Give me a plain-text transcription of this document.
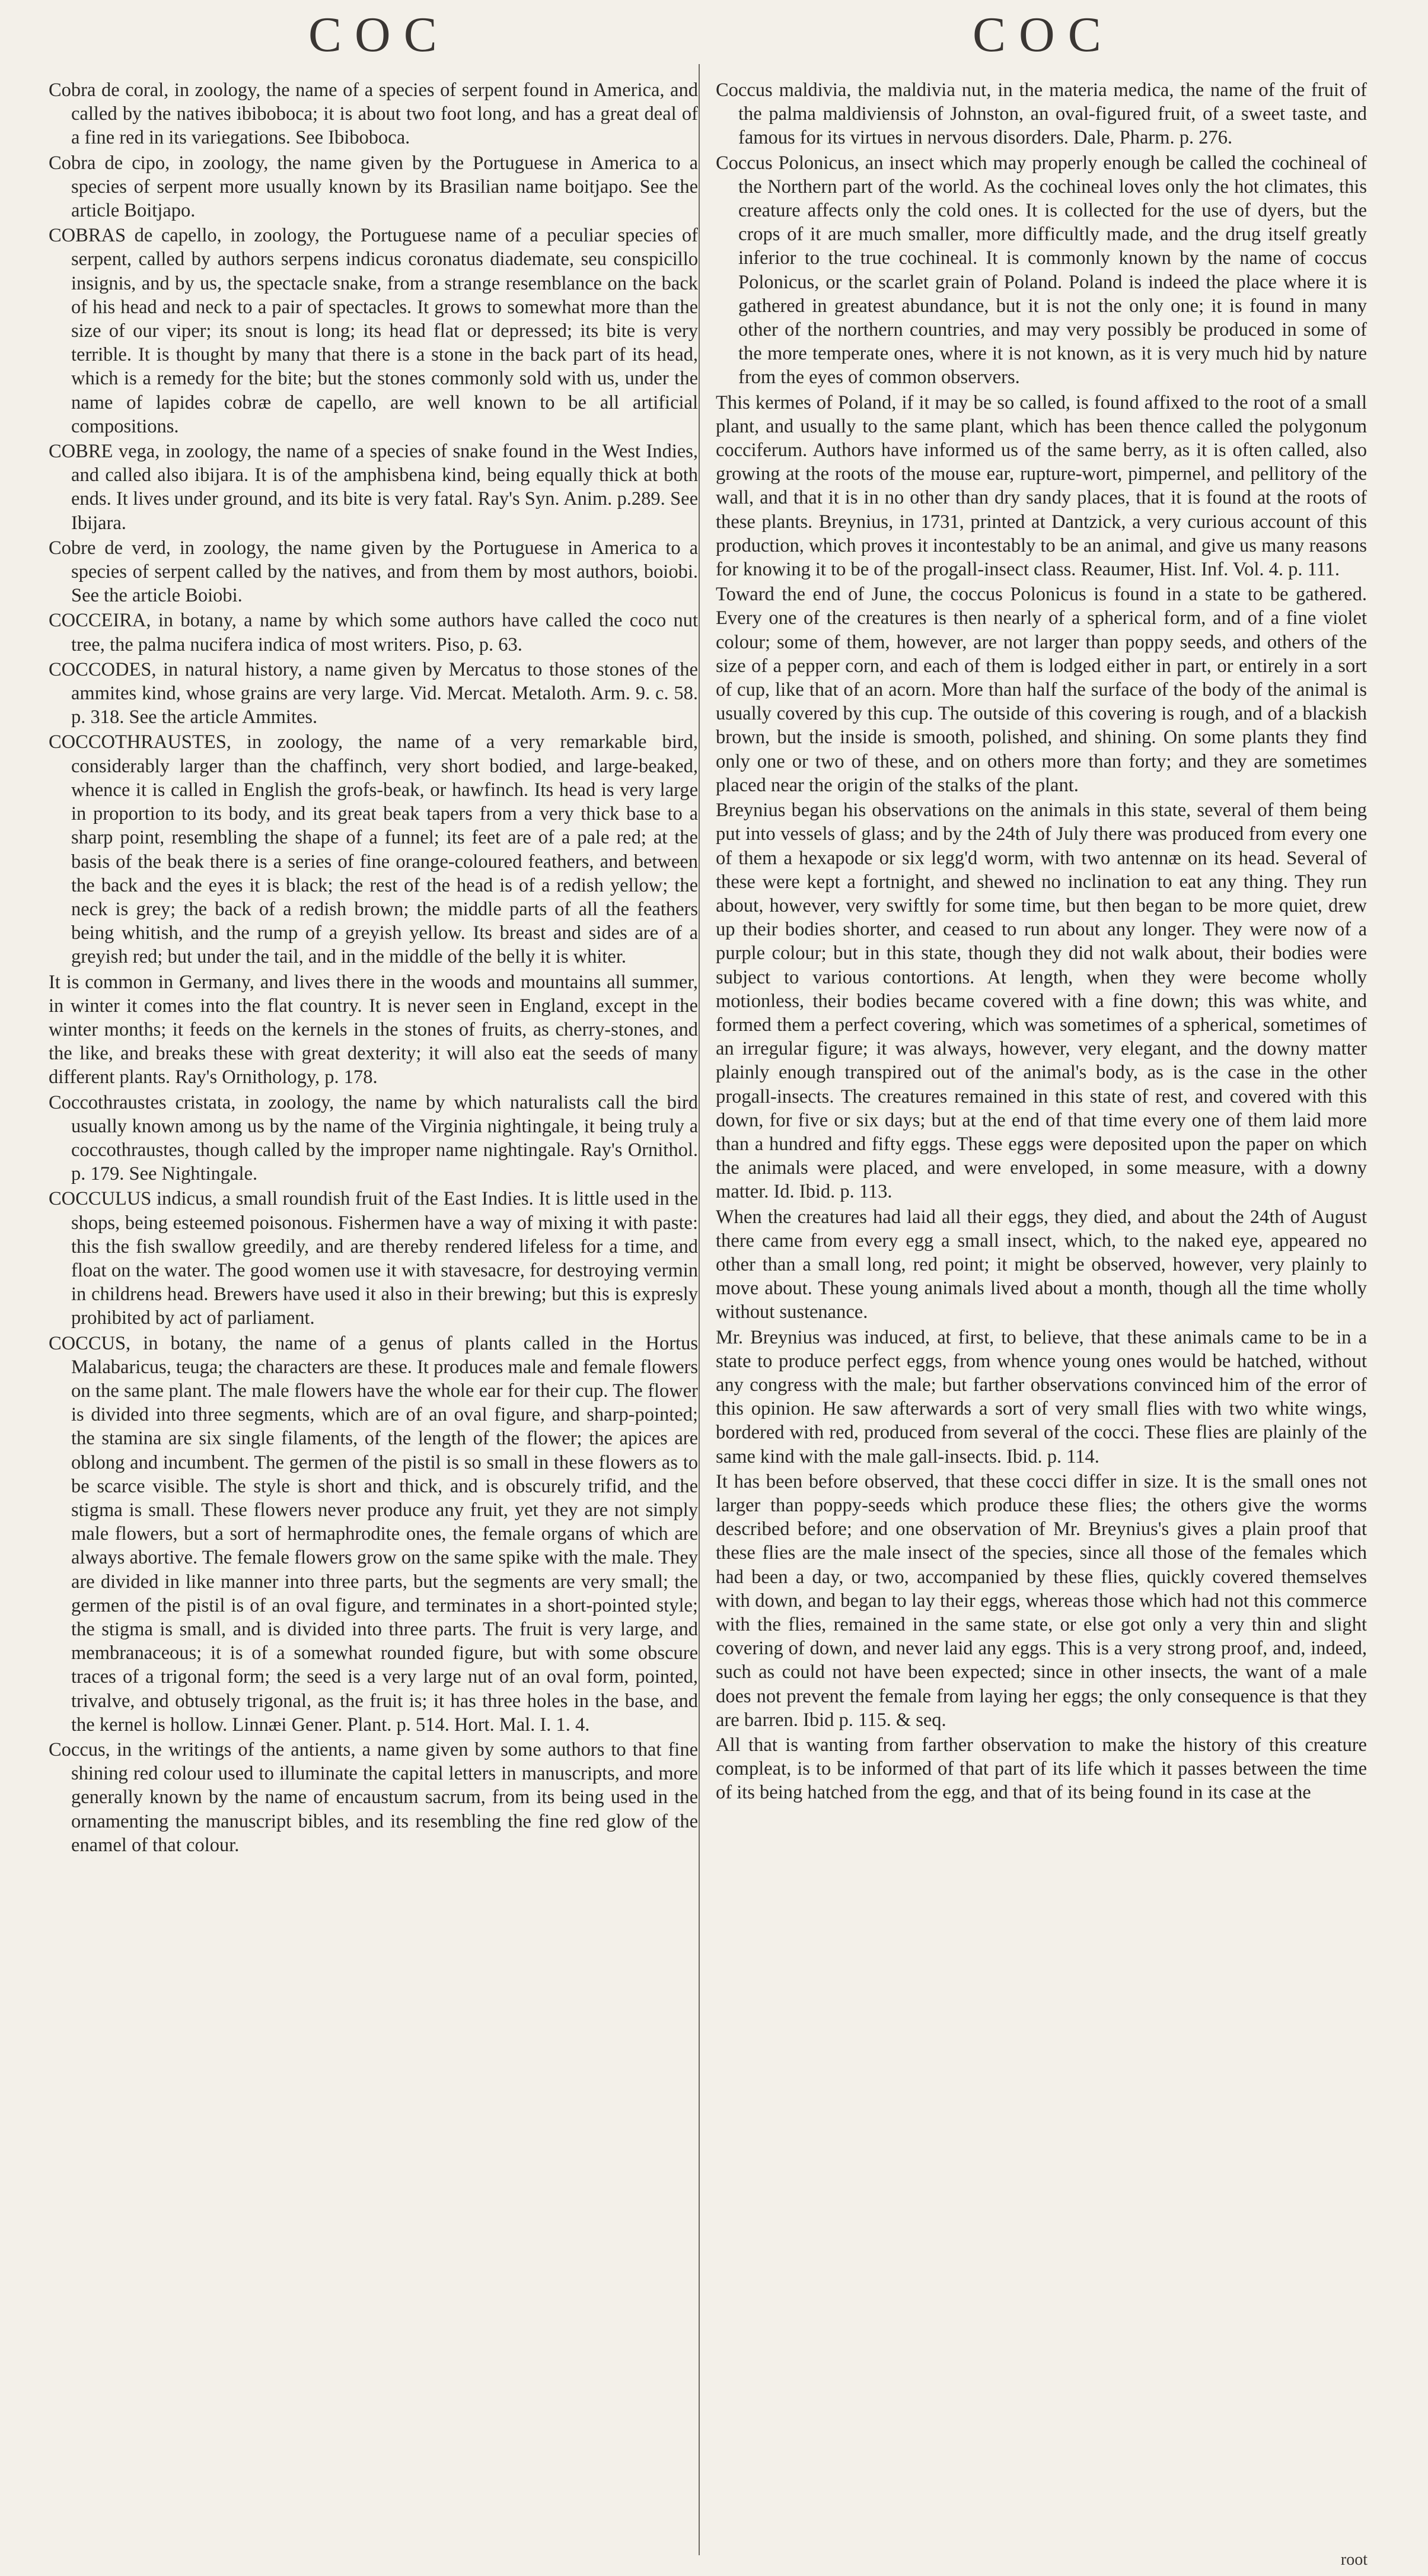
COC	COC

Cobra de coral, in zoology, the name of a species of serpent found in America, and called by the natives ibiboboca; it is about two foot long, and has a great deal of a fine red in its variegations. See Ibiboboca.

Cobra de cipo, in zoology, the name given by the Portuguese in America to a species of serpent more usually known by its Brasilian name boitjapo. See the article Boitjapo.

COBRAS de capello, in zoology, the Portuguese name of a peculiar species of serpent, called by authors serpens indicus coronatus diademate, seu conspicillo insignis, and by us, the spectacle snake, from a strange resemblance on the back of his head and neck to a pair of spectacles. It grows to somewhat more than the size of our viper; its snout is long; its head flat or depressed; its bite is very terrible. It is thought by many that there is a stone in the back part of its head, which is a remedy for the bite; but the stones commonly sold with us, under the name of lapides cobræ de capello, are well known to be all artificial compositions.

COBRE vega, in zoology, the name of a species of snake found in the West Indies, and called also ibijara. It is of the amphisbena kind, being equally thick at both ends. It lives under ground, and its bite is very fatal. Ray's Syn. Anim. p.289. See Ibijara.

Cobre de verd, in zoology, the name given by the Portuguese in America to a species of serpent called by the natives, and from them by most authors, boiobi. See the article Boiobi.

COCCEIRA, in botany, a name by which some authors have called the coco nut tree, the palma nucifera indica of most writers. Piso, p. 63.

COCCODES, in natural history, a name given by Mercatus to those stones of the ammites kind, whose grains are very large. Vid. Mercat. Metaloth. Arm. 9. c. 58. p. 318. See the article Ammites.

COCCOTHRAUSTES, in zoology, the name of a very remarkable bird, considerably larger than the chaffinch, very short bodied, and large-beaked, whence it is called in English the grofs-beak, or hawfinch. Its head is very large in proportion to its body, and its great beak tapers from a very thick base to a sharp point, resembling the shape of a funnel; its feet are of a pale red; at the basis of the beak there is a series of fine orange-coloured feathers, and between the back and the eyes it is black; the rest of the head is of a redish yellow; the neck is grey; the back of a redish brown; the middle parts of all the feathers being whitish, and the rump of a greyish yellow. Its breast and sides are of a greyish red; but under the tail, and in the middle of the belly it is whiter.

It is common in Germany, and lives there in the woods and mountains all summer, in winter it comes into the flat country. It is never seen in England, except in the winter months; it feeds on the kernels in the stones of fruits, as cherry-stones, and the like, and breaks these with great dexterity; it will also eat the seeds of many different plants. Ray's Ornithology, p. 178.

Coccothraustes cristata, in zoology, the name by which naturalists call the bird usually known among us by the name of the Virginia nightingale, it being truly a coccothraustes, though called by the improper name nightingale. Ray's Ornithol. p. 179. See Nightingale.

COCCULUS indicus, a small roundish fruit of the East Indies. It is little used in the shops, being esteemed poisonous. Fishermen have a way of mixing it with paste: this the fish swallow greedily, and are thereby rendered lifeless for a time, and float on the water. The good women use it with stavesacre, for destroying vermin in childrens head. Brewers have used it also in their brewing; but this is expresly prohibited by act of parliament.

COCCUS, in botany, the name of a genus of plants called in the Hortus Malabaricus, teuga; the characters are these. It produces male and female flowers on the same plant. The male flowers have the whole ear for their cup. The flower is divided into three segments, which are of an oval figure, and sharp-pointed; the stamina are six single filaments, of the length of the flower; the apices are oblong and incumbent. The germen of the pistil is so small in these flowers as to be scarce visible. The style is short and thick, and is obscurely trifid, and the stigma is small. These flowers never produce any fruit, yet they are not simply male flowers, but a sort of hermaphrodite ones, the female organs of which are always abortive. The female flowers grow on the same spike with the male. They are divided in like manner into three parts, but the segments are very small; the germen of the pistil is of an oval figure, and terminates in a short-pointed style; the stigma is small, and is divided into three parts. The fruit is very large, and membranaceous; it is of a somewhat rounded figure, but with some obscure traces of a trigonal form; the seed is a very large nut of an oval form, pointed, trivalve, and obtusely trigonal, as the fruit is; it has three holes in the base, and the kernel is hollow. Linnæi Gener. Plant. p. 514. Hort. Mal. I. 1. 4.

Coccus, in the writings of the antients, a name given by some authors to that fine shining red colour used to illuminate the capital letters in manuscripts, and more generally known by the name of encaustum sacrum, from its being used in the ornamenting the manuscript bibles, and its resembling the fine red glow of the enamel of that colour.

Coccus maldivia, the maldivia nut, in the materia medica, the name of the fruit of the palma maldiviensis of Johnston, an oval-figured fruit, of a sweet taste, and famous for its virtues in nervous disorders. Dale, Pharm. p. 276.

Coccus Polonicus, an insect which may properly enough be called the cochineal of the Northern part of the world. As the cochineal loves only the hot climates, this creature affects only the cold ones. It is collected for the use of dyers, but the crops of it are much smaller, more difficultly made, and the drug itself greatly inferior to the true cochineal. It is commonly known by the name of coccus Polonicus, or the scarlet grain of Poland. Poland is indeed the place where it is gathered in greatest abundance, but it is not the only one; it is found in many other of the northern countries, and may very possibly be produced in some of the more temperate ones, where it is not known, as it is very much hid by nature from the eyes of common observers.

This kermes of Poland, if it may be so called, is found affixed to the root of a small plant, and usually to the same plant, which has been thence called the polygonum cocciferum. Authors have informed us of the same berry, as it is often called, also growing at the roots of the mouse ear, rupture-wort, pimpernel, and pellitory of the wall, and that it is in no other than dry sandy places, that it is found at the roots of these plants. Breynius, in 1731, printed at Dantzick, a very curious account of this production, which proves it incontestably to be an animal, and give us many reasons for knowing it to be of the progall-insect class. Reaumer, Hist. Inf. Vol. 4. p. 111.

Toward the end of June, the coccus Polonicus is found in a state to be gathered. Every one of the creatures is then nearly of a spherical form, and of a fine violet colour; some of them, however, are not larger than poppy seeds, and others of the size of a pepper corn, and each of them is lodged either in part, or entirely in a sort of cup, like that of an acorn. More than half the surface of the body of the animal is usually covered by this cup. The outside of this covering is rough, and of a blackish brown, but the inside is smooth, polished, and shining. On some plants they find only one or two of these, and on others more than forty; and they are sometimes placed near the origin of the stalks of the plant.

Breynius began his observations on the animals in this state, several of them being put into vessels of glass; and by the 24th of July there was produced from every one of them a hexapode or six legg'd worm, with two antennæ on its head. Several of these were kept a fortnight, and shewed no inclination to eat any thing. They run about, however, very swiftly for some time, but then began to be more quiet, drew up their bodies shorter, and ceased to run about any longer. They were now of a purple colour; but in this state, though they did not walk about, their bodies were subject to various contortions. At length, when they were become wholly motionless, their bodies became covered with a fine down; this was white, and formed them a perfect covering, which was sometimes of a spherical, sometimes of an irregular figure; it was always, however, very elegant, and the downy matter plainly enough transpired out of the animal's body, as is the case in the other progall-insects. The creatures remained in this state of rest, and covered with this down, for five or six days; but at the end of that time every one of them laid more than a hundred and fifty eggs. These eggs were deposited upon the paper on which the animals were placed, and were enveloped, in some measure, with a downy matter. Id. Ibid. p. 113.

When the creatures had laid all their eggs, they died, and about the 24th of August there came from every egg a small insect, which, to the naked eye, appeared no other than a small long, red point; it might be observed, however, very plainly to move about. These young animals lived about a month, though all the time wholly without sustenance.

Mr. Breynius was induced, at first, to believe, that these animals came to be in a state to produce perfect eggs, from whence young ones would be hatched, without any congress with the male; but farther observations convinced him of the error of this opinion. He saw afterwards a sort of very small flies with two white wings, bordered with red, produced from several of the cocci. These flies are plainly of the same kind with the male gall-insects. Ibid. p. 114.

It has been before observed, that these cocci differ in size. It is the small ones not larger than poppy-seeds which produce these flies; the others give the worms described before; and one observation of Mr. Breynius's gives a plain proof that these flies are the male insect of the species, since all those of the females which had been a day, or two, accompanied by these flies, quickly covered themselves with down, and began to lay their eggs, whereas those which had not this commerce with the flies, remained in the same state, or else got only a very thin and slight covering of down, and never laid any eggs. This is a very strong proof, and, indeed, such as could not have been expected; since in other insects, the want of a male does not prevent the female from laying her eggs; the only consequence is that they are barren. Ibid p. 115. & seq.

All that is wanting from farther observation to make the history of this creature compleat, is to be informed of that part of its life which it passes between the time of its being hatched from the egg, and that of its being found in its case at the

root
